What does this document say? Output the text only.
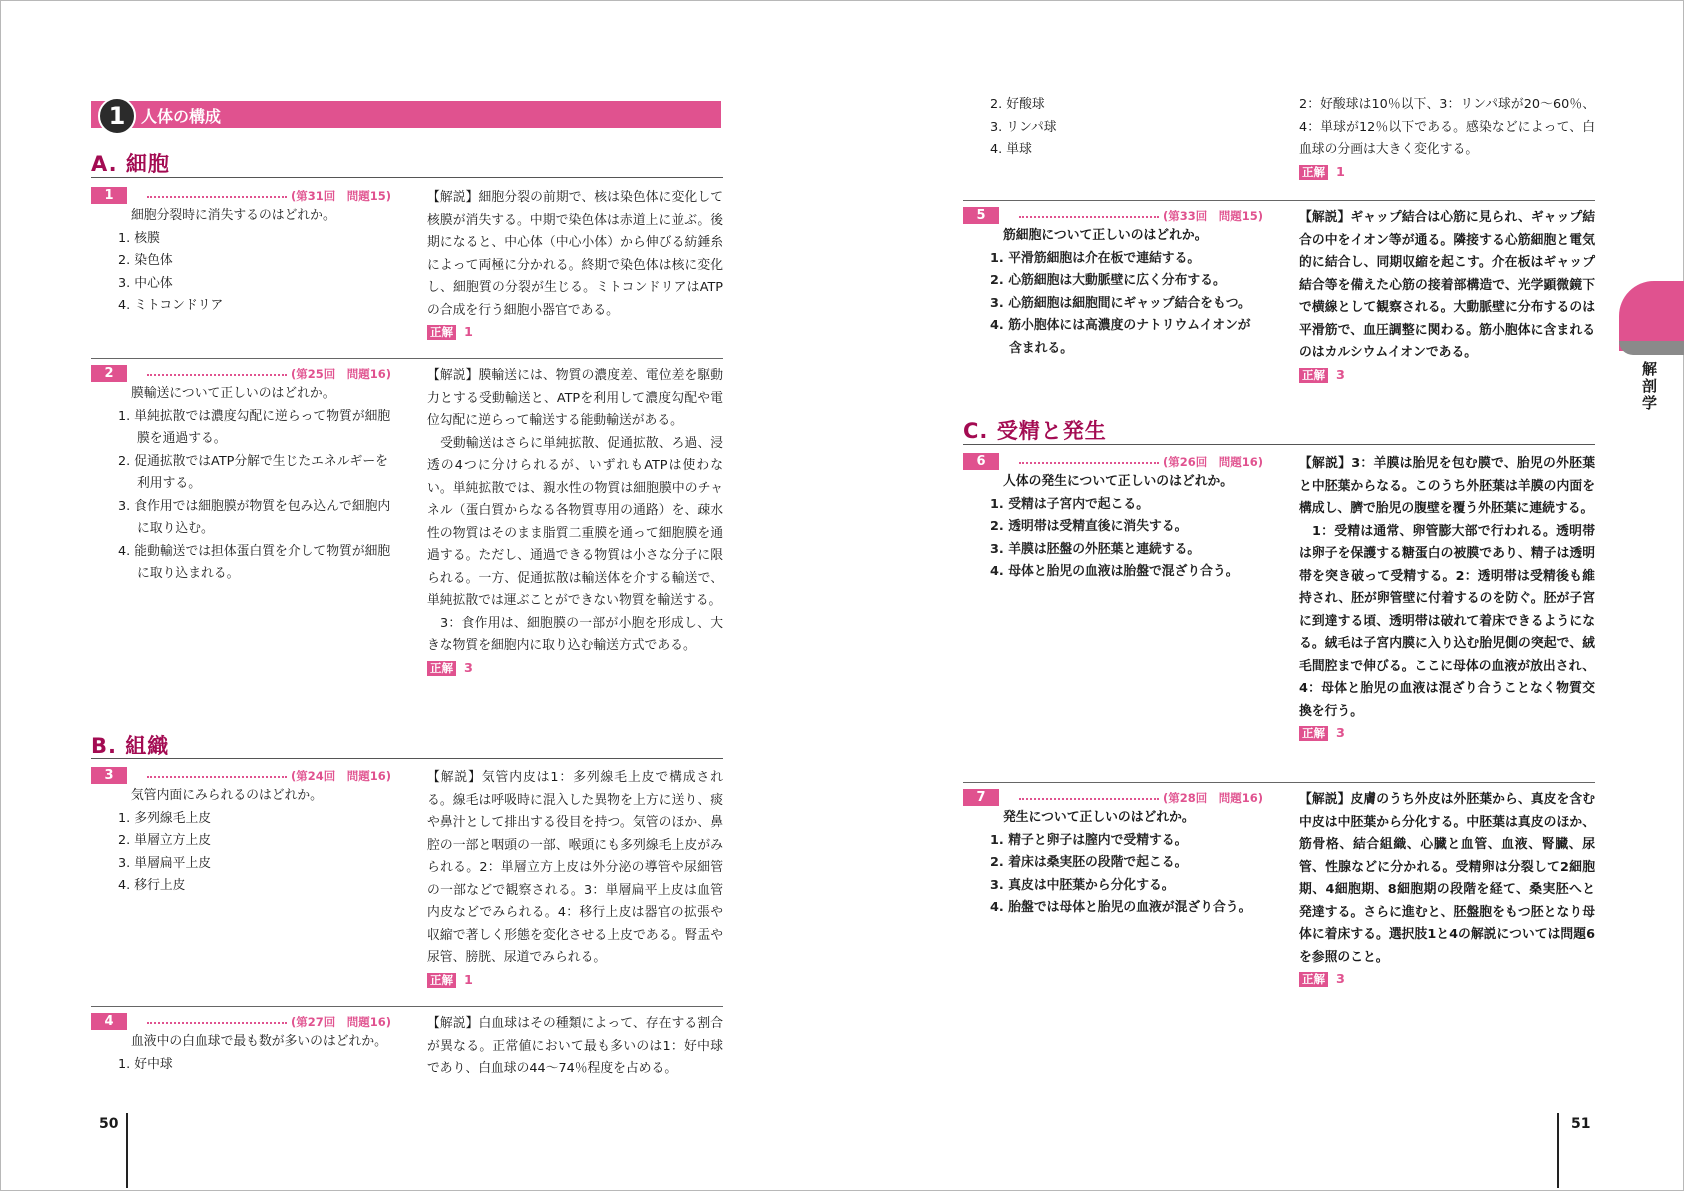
1 人体の構成
A. 細胞
1	(第31回　問題15)
細胞分裂時に消失するのはどれか。
1. 核膜
2. 染色体
3. 中心体
4. ミトコンドリア

【解説】細胞分裂の前期で、核は染色体に変化して核膜が消失する。中期で染色体は赤道上に並ぶ。後期になると、中心体（中心小体）から伸びる紡錘糸によって両極に分かれる。終期で染色体は核に変化し、細胞質の分裂が生じる。ミトコンドリアはATPの合成を行う細胞小器官である。

正解 1
2	(第25回　問題16)
膜輸送について正しいのはどれか。
1. 単純拡散では濃度勾配に逆らって物質が細胞膜を通過する。
2. 促通拡散ではATP分解で生じたエネルギーを利用する。
3. 食作用では細胞膜が物質を包み込んで細胞内に取り込む。
4. 能動輸送では担体蛋白質を介して物質が細胞に取り込まれる。

【解説】膜輸送には、物質の濃度差、電位差を駆動力とする受動輸送と、ATPを利用して濃度勾配や電位勾配に逆らって輸送する能動輸送がある。

受動輸送はさらに単純拡散、促通拡散、ろ過、浸透の4つに分けられるが、いずれもATPは使わない。単純拡散では、親水性の物質は細胞膜中のチャネル（蛋白質からなる各物質専用の通路）を、疎水性の物質はそのまま脂質二重膜を通って細胞膜を通過する。ただし、通過できる物質は小さな分子に限られる。一方、促通拡散は輸送体を介する輸送で、単純拡散では運ぶことができない物質を輸送する。

3：食作用は、細胞膜の一部が小胞を形成し、大きな物質を細胞内に取り込む輸送方式である。

正解 3
B. 組織
3	(第24回　問題16)
気管内面にみられるのはどれか。
1. 多列線毛上皮
2. 単層立方上皮
3. 単層扁平上皮
4. 移行上皮

【解説】気管内皮は1：多列線毛上皮で構成される。線毛は呼吸時に混入した異物を上方に送り、痰や鼻汁として排出する役目を持つ。気管のほか、鼻腔の一部と咽頭の一部、喉頭にも多列線毛上皮がみられる。2：単層立方上皮は外分泌の導管や尿細管の一部などで観察される。3：単層扁平上皮は血管内皮などでみられる。4：移行上皮は器官の拡張や収縮で著しく形態を変化させる上皮である。腎盂や尿管、膀胱、尿道でみられる。

正解 1
4	(第27回　問題16)
血液中の白血球で最も数が多いのはどれか。
1. 好中球

【解説】白血球はその種類によって、存在する割合が異なる。正常値において最も多いのは1：好中球であり、白血球の44〜74％程度を占める。

50
2. 好酸球
3. リンパ球
4. 単球

2：好酸球は10％以下、3：リンパ球が20〜60％、4：単球が12％以下である。感染などによって、白血球の分画は大きく変化する。

正解 1
5	(第33回　問題15)
筋細胞について正しいのはどれか。
1. 平滑筋細胞は介在板で連結する。
2. 心筋細胞は大動脈壁に広く分布する。
3. 心筋細胞は細胞間にギャップ結合をもつ。
4. 筋小胞体には高濃度のナトリウムイオンが含まれる。

【解説】ギャップ結合は心筋に見られ、ギャップ結合の中をイオン等が通る。隣接する心筋細胞と電気的に結合し、同期収縮を起こす。介在板はギャップ結合等を備えた心筋の接着部構造で、光学顕微鏡下で横線として観察される。大動脈壁に分布するのは平滑筋で、血圧調整に関わる。筋小胞体に含まれるのはカルシウムイオンである。

正解 3
C. 受精と発生
6	(第26回　問題16)
人体の発生について正しいのはどれか。
1. 受精は子宮内で起こる。
2. 透明帯は受精直後に消失する。
3. 羊膜は胚盤の外胚葉と連続する。
4. 母体と胎児の血液は胎盤で混ざり合う。

【解説】3：羊膜は胎児を包む膜で、胎児の外胚葉と中胚葉からなる。このうち外胚葉は羊膜の内面を構成し、臍で胎児の腹壁を覆う外胚葉に連続する。

1：受精は通常、卵管膨大部で行われる。透明帯は卵子を保護する糖蛋白の被膜であり、精子は透明帯を突き破って受精する。2：透明帯は受精後も維持され、胚が卵管壁に付着するのを防ぐ。胚が子宮に到達する頃、透明帯は破れて着床できるようになる。絨毛は子宮内膜に入り込む胎児側の突起で、絨毛間腔まで伸びる。ここに母体の血液が放出され、4：母体と胎児の血液は混ざり合うことなく物質交換を行う。

正解 3
7	(第28回　問題16)
発生について正しいのはどれか。
1. 精子と卵子は膣内で受精する。
2. 着床は桑実胚の段階で起こる。
3. 真皮は中胚葉から分化する。
4. 胎盤では母体と胎児の血液が混ざり合う。

【解説】皮膚のうち外皮は外胚葉から、真皮を含む中皮は中胚葉から分化する。中胚葉は真皮のほか、筋骨格、結合組織、心臓と血管、血液、腎臓、尿管、性腺などに分かれる。受精卵は分裂して2細胞期、4細胞期、8細胞期の段階を経て、桑実胚へと発達する。さらに進むと、胚盤胞をもつ胚となり母体に着床する。選択肢1と4の解説については問題6を参照のこと。

正解 3
51
解剖学
